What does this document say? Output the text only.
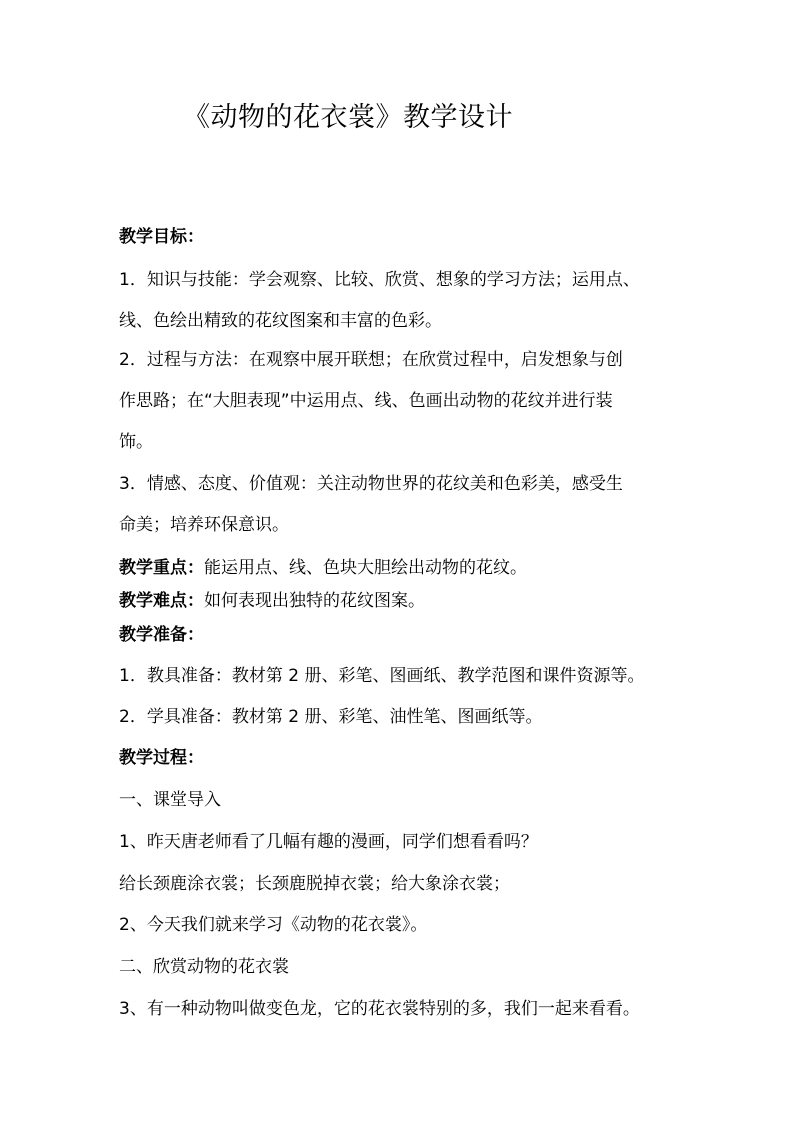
《动物的花衣裳》教学设计
教学目标：
1．知识与技能：学会观察、比较、欣赏、想象的学习方法；运用点、
线、色绘出精致的花纹图案和丰富的色彩。
2．过程与方法：在观察中展开联想；在欣赏过程中，启发想象与创
作思路；在“大胆表现”中运用点、线、色画出动物的花纹并进行装
饰。
3．情感、态度、价值观：关注动物世界的花纹美和色彩美，感受生
命美；培养环保意识。
教学重点：能运用点、线、色块大胆绘出动物的花纹。
教学难点：如何表现出独特的花纹图案。
教学准备：
1．教具准备：教材第 2 册、彩笔、图画纸、教学范图和课件资源等。
2．学具准备：教材第 2 册、彩笔、油性笔、图画纸等。
教学过程：
一、课堂导入
1、昨天唐老师看了几幅有趣的漫画，同学们想看看吗？
给长颈鹿涂衣裳；长颈鹿脱掉衣裳；给大象涂衣裳；
2、今天我们就来学习《动物的花衣裳》。
二、欣赏动物的花衣裳
3、有一种动物叫做变色龙，它的花衣裳特别的多，我们一起来看看。
